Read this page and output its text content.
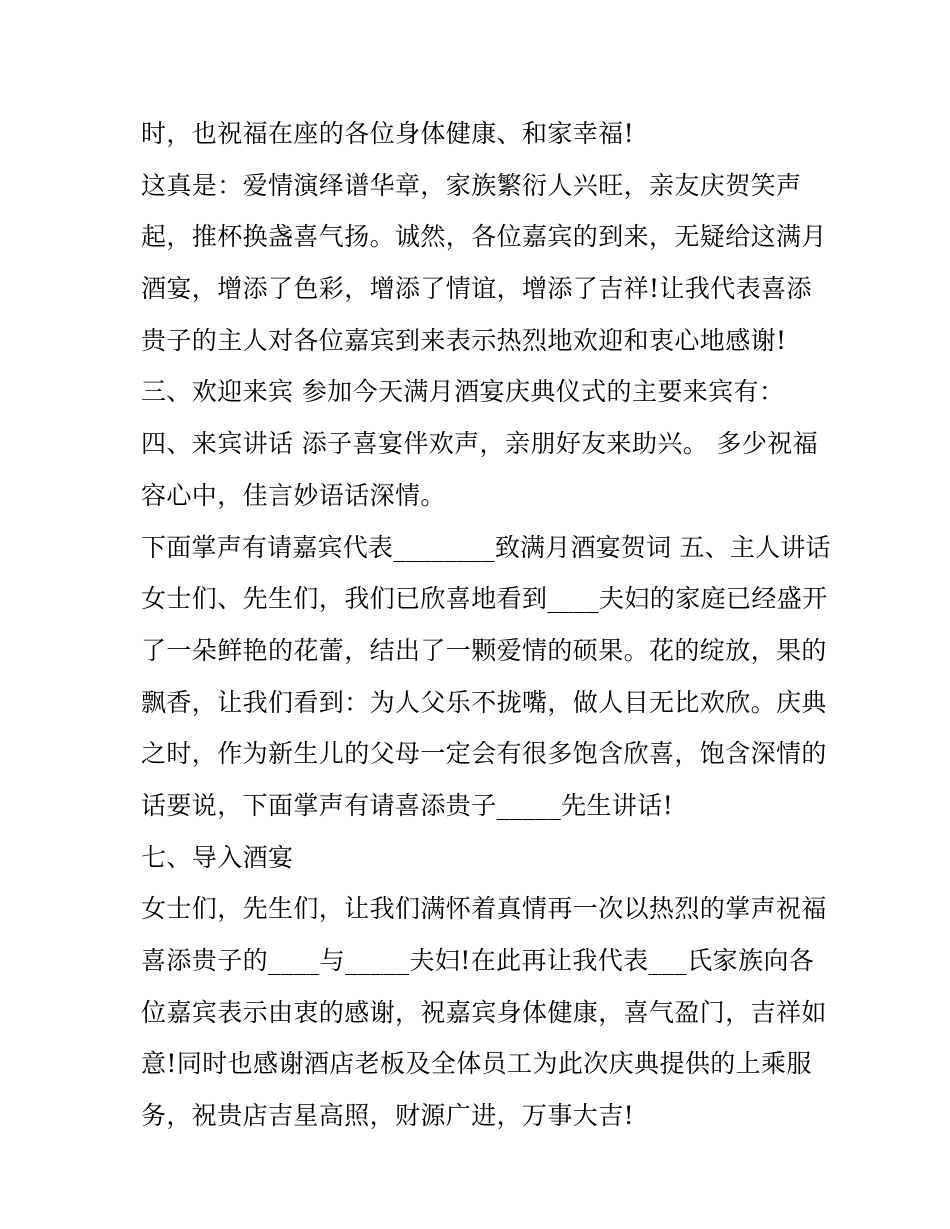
时，也祝福在座的各位身体健康、和家幸福!
这真是：爱情演绎谱华章，家族繁衍人兴旺，亲友庆贺笑声
起，推杯换盏喜气扬。诚然，各位嘉宾的到来，无疑给这满月
酒宴，增添了色彩，增添了情谊，增添了吉祥!让我代表喜添
贵子的主人对各位嘉宾到来表示热烈地欢迎和衷心地感谢!
三、欢迎来宾 参加今天满月酒宴庆典仪式的主要来宾有：
四、来宾讲话 添子喜宴伴欢声，亲朋好友来助兴。 多少祝福
容心中，佳言妙语话深情。
下面掌声有请嘉宾代表________致满月酒宴贺词 五、主人讲话
女士们、先生们，我们已欣喜地看到____夫妇的家庭已经盛开
了一朵鲜艳的花蕾，结出了一颗爱情的硕果。花的绽放，果的
飘香，让我们看到：为人父乐不拢嘴，做人目无比欢欣。庆典
之时，作为新生儿的父母一定会有很多饱含欣喜，饱含深情的
话要说，下面掌声有请喜添贵子_____先生讲话!
七、导入酒宴
女士们，先生们，让我们满怀着真情再一次以热烈的掌声祝福
喜添贵子的____与_____夫妇!在此再让我代表___氏家族向各
位嘉宾表示由衷的感谢，祝嘉宾身体健康，喜气盈门，吉祥如
意!同时也感谢酒店老板及全体员工为此次庆典提供的上乘服
务，祝贵店吉星高照，财源广进，万事大吉!
